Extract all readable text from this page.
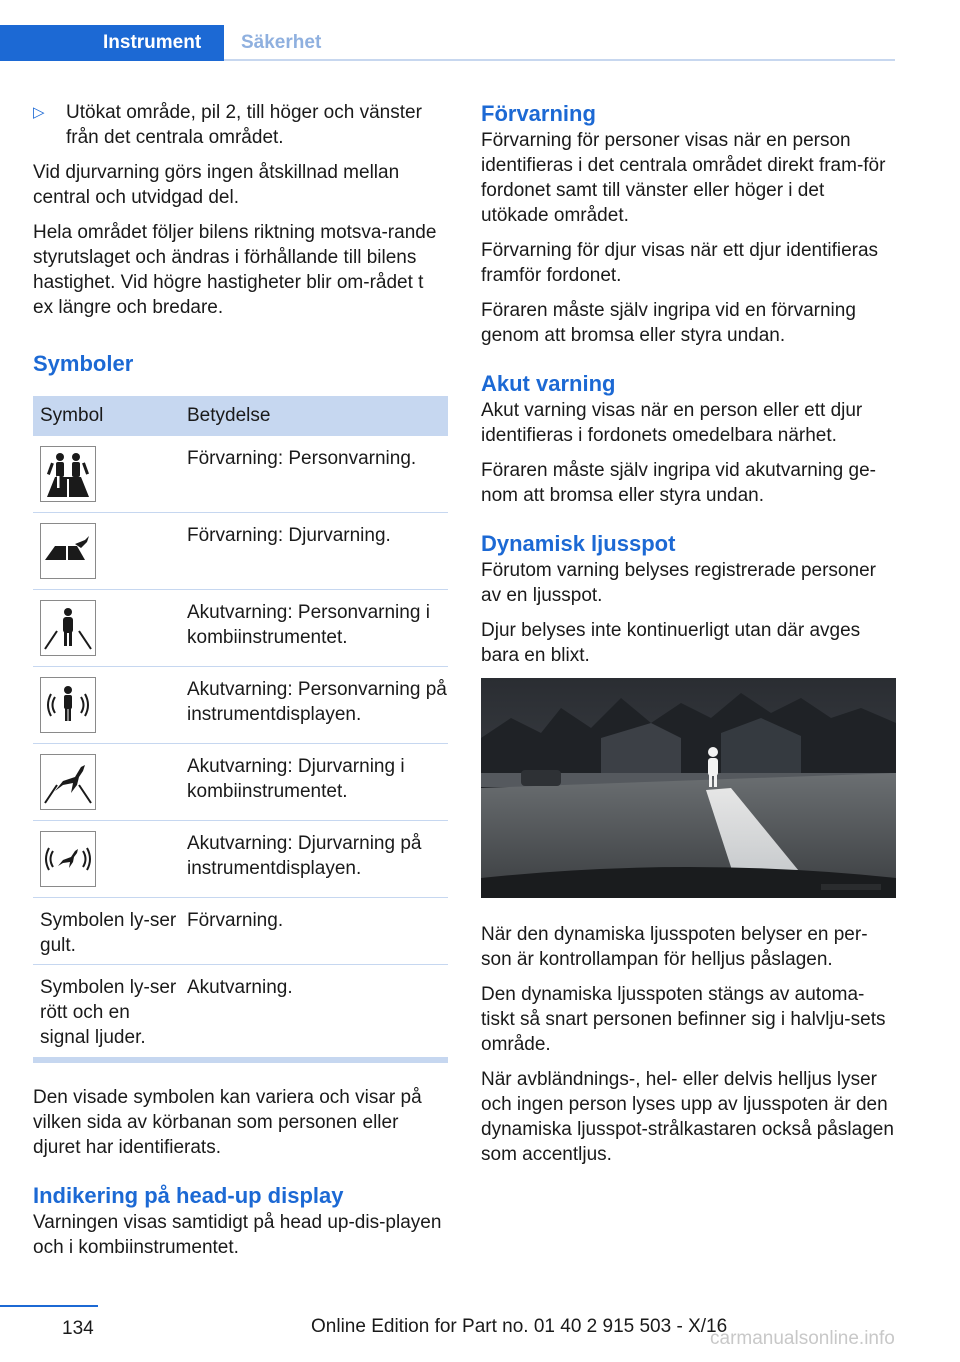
Instrument	Säkerhet
▷ Utökat område, pil 2, till höger och vänster från det centrala området.

Vid djurvarning görs ingen åtskillnad mellan central och utvidgad del.

Hela området följer bilens riktning motsva‐rande styrutslaget och ändras i förhållande till bilens hastighet. Vid högre hastigheter blir om‐rådet t ex längre och bredare.

Symboler
Symbol	Betydelse

	Förvarning: Personvarning.

	Förvarning: Djurvarning.

	Akutvarning: Personvarning i kombiinstrumentet.

	Akutvarning: Personvarning på instrumentdisplayen.

	Akutvarning: Djurvarning i kombiinstrumentet.

	Akutvarning: Djurvarning på instrumentdisplayen.
Symbolen ly‐ser gult.	Förvarning.
Symbolen ly‐ser rött och en signal ljuder.	Akutvarning.

Den visade symbolen kan variera och visar på vilken sida av körbanan som personen eller djuret har identifierats.

Indikering på head-up display

Varningen visas samtidigt på head up-dis‐playen och i kombiinstrumentet.

Förvarning

Förvarning för personer visas när en person identifieras i det centrala området direkt fram‐för fordonet samt till vänster eller höger i det utökade området.

Förvarning för djur visas när ett djur identifieras framför fordonet.

Föraren måste själv ingripa vid en förvarning genom att bromsa eller styra undan.

Akut varning

Akut varning visas när en person eller ett djur identifieras i fordonets omedelbara närhet.

Föraren måste själv ingripa vid akutvarning ge‐nom att bromsa eller styra undan.

Dynamisk ljusspot

Förutom varning belyses registrerade personer av en ljusspot.

Djur belyses inte kontinuerligt utan där avges bara en blixt.

När den dynamiska ljusspoten belyser en per‐son är kontrollampan för helljus påslagen.

Den dynamiska ljusspoten stängs av automa‐tiskt så snart personen befinner sig i halvlju‐sets område.

När avbländnings-, hel- eller delvis helljus lyser och ingen person lyses upp av ljusspoten är den dynamiska ljusspot-strålkastaren också påslagen som accentljus.

134	Online Edition for Part no. 01 40 2 915 503 - X/16
carmanualsonline.info
